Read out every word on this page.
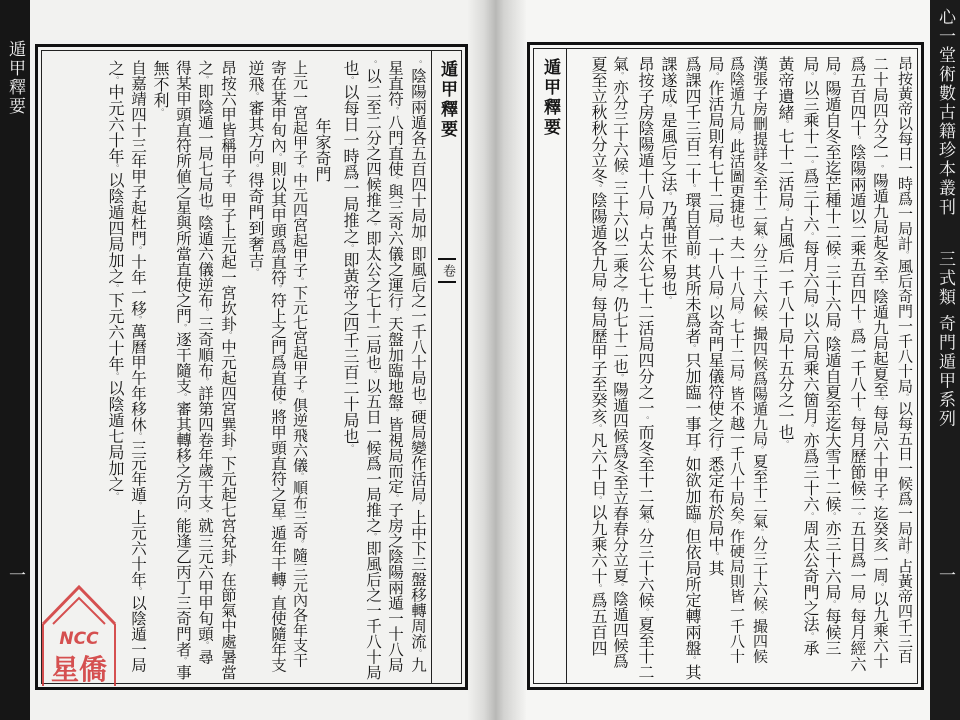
遁甲釋要
一
心一堂術數古籍珍本叢刊
三式類 奇門遁甲系列
一
遁甲釋要
卷
遁甲釋要
。陰陽兩遁各五百四十局加。即風后之一千八十局也。硬局變作活局。上中下三盤移轉周流。九
星直符。八門直使。與三奇六儀之運行。天盤加臨地盤。皆視局而定。子房之陰陽兩遁一十八局
。以二至二分之四候推之。即太公之七十二局也。以五日一候爲一局推之。即風后之一千八十局
也。以每日一時爲一局推之。即黃帝之四千三百二十局也。
年家奇門
上元一宮起甲子。中元四宮起甲子。下元七宮起甲子。俱逆飛六儀。順布三奇。隨三元內各年支干
寄在某甲旬內。則以其甲頭爲直符。符上之門爲直使。將甲頭直符之星。遁年干轉。直使隨年支
逆飛。審其方向。得奇門到奢吉。
昂按六甲皆稱甲子。甲子上元起一宮坎卦。中元起四宮巽卦。下元起七宮兌卦。在節氣中處暑當
之。即陰遁一局七局也。陰遁六儀逆布。三奇順布。詳第四卷年歲干支。就三元六甲甲旬頭。尋
得某甲頭直符所値之星與所當直使之門。逐干隨支。審其轉移之方向。能逢乙丙丁三奇門者。事
無不利。
自嘉靖四十三年甲子起杜門。十年一移。萬曆甲午年移休。三元年遁。上元六十年。以陰遁一局
之。中元六十年。以陰遁四局加之。下元六十年。以陰遁七局加之。
昂按黃帝以每日一時爲一局計。風后奇門一千八十局。以每五日一候爲一局計。占黃帝四千三百
二十局四分之一。陽遁九局起冬至。陰遁九局起夏至。每局六十甲子。迄癸亥一周。以九乘六十
爲五百四十。陰陽兩遁以二乘五百四十。爲一千八十。每月歷節候二。五日爲一局。每月經六
局。陽遁自冬至迄芒種十二候。三十六局。陰遁自夏至迄大雪十二候。亦三十六局。每候三
局。以三乘十二。爲三十六。每月六局。以六局乘六箇月。亦爲三十六。周太公奇門之法。承
黃帝遺緒。七十二活局。占風后一千八十局十五分之一也。
漢張子房刪提詳冬至十二氣。分三十六候。撮四候爲陽遁九局。夏至十二氣。分三十六候。撮四候
爲陰遁九局。此活圖更捷也。夫一十八局。七十二局。皆不越一千八十局矣。作硬局則皆一千八十
局。作活局則有七十二局。一十八局。以奇門星儀符使之行。悉定布於局中。其
爲課四千三百二十。環自首前。其所未爲者。只加臨一事耳。如欲加臨。但依局所定轉兩盤。其
課遂成。是風后之法。乃萬世不易也。
昂按子房陰陽遁十八局。占太公七十二活局四分之一。而冬至十二氣。分三十六候。夏至十二
氣。亦分三十六候。三十六以二乘之。仍七十二也。陽遁四候爲冬至立春春分立夏。陰遁四候爲
夏至立秋秋分立冬。陰陽遁各九局。每局歷甲子至癸亥。凡六十日。以九乘六十。爲五百四
NCC
星僑
